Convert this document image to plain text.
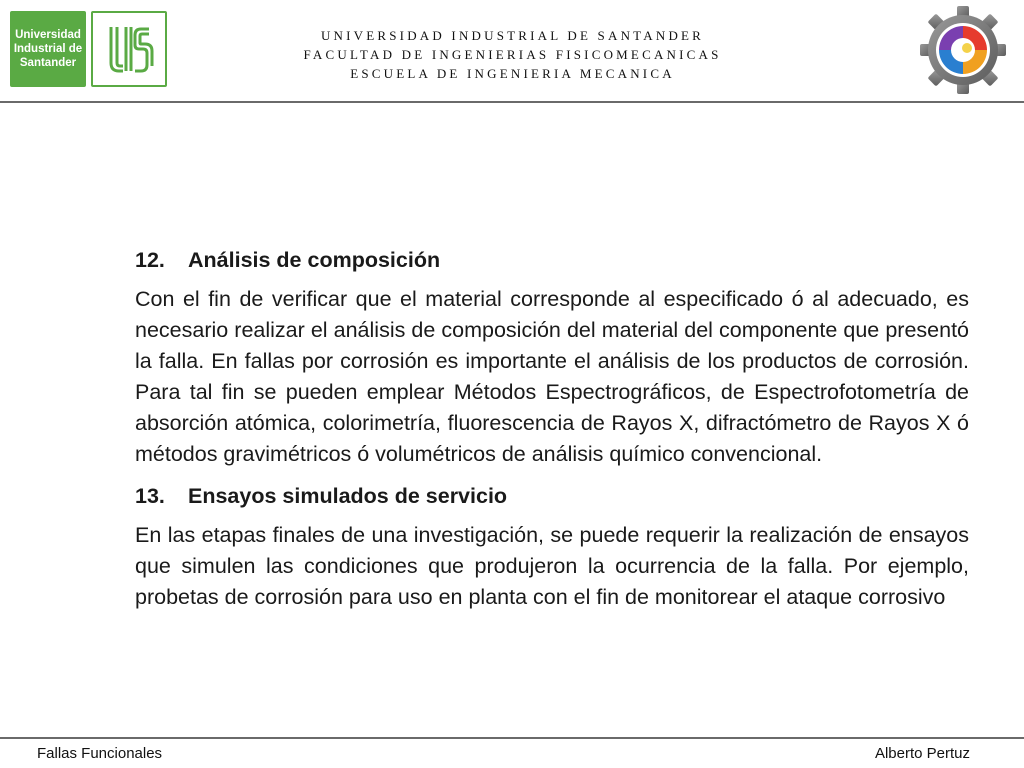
Universidad
Industrial de
Santander
UNIVERSIDAD INDUSTRIAL DE SANTANDER
FACULTAD DE INGENIERIAS FISICOMECANICAS
ESCUELA DE INGENIERIA MECANICA
12. Análisis de composición

Con el fin de verificar que el material corresponde al especificado ó al adecuado, es necesario realizar el análisis de composición del material del componente que presentó la falla. En fallas por corrosión es importante el análisis de los productos de corrosión. Para tal fin se pueden emplear Métodos Espectrográficos, de Espectrofotometría de absorción atómica, colorimetría, fluorescencia de Rayos X, difractómetro de Rayos X ó métodos gravimétricos ó volumétricos de análisis químico convencional.

13. Ensayos simulados de servicio

En las etapas finales de una investigación, se puede requerir la realización de ensayos que simulen las condiciones que produjeron la ocurrencia de la falla. Por ejemplo, probetas de corrosión para uso en planta con el fin de monitorear el ataque corrosivo

Fallas Funcionales	Alberto Pertuz
